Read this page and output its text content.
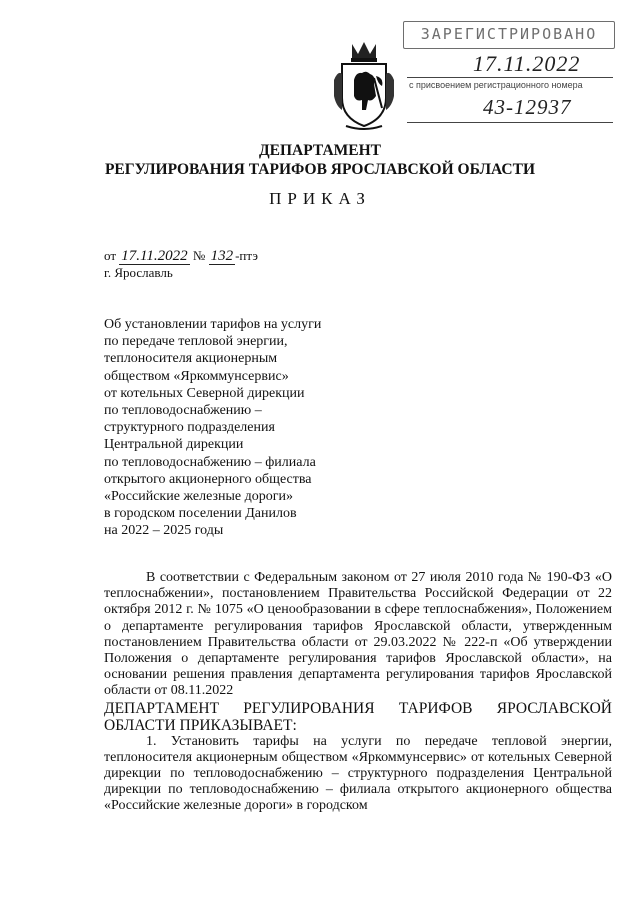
ЗАРЕГИСТРИРОВАНО
17.11.2022
с присвоением регистрационного номера
43-12937
ДЕПАРТАМЕНТ
РЕГУЛИРОВАНИЯ ТАРИФОВ ЯРОСЛАВСКОЙ ОБЛАСТИ
ПРИКАЗ
от 17.11.2022 № 132 -птэ
г. Ярославль
Об установлении тарифов на услуги
по передаче тепловой энергии,
теплоносителя акционерным
обществом «Яркоммунсервис»
от котельных Северной дирекции
по тепловодоснабжению –
структурного подразделения
Центральной дирекции
по тепловодоснабжению – филиала
открытого акционерного общества
«Российские железные дороги»
в городском поселении Данилов
на 2022 – 2025 годы

В соответствии с Федеральным законом от 27 июля 2010 года № 190-ФЗ «О теплоснабжении», постановлением Правительства Российской Федерации от 22 октября 2012 г. № 1075 «О ценообразовании в сфере теплоснабжения», Положением о департаменте регулирования тарифов Ярославской области, утвержденным постановлением Правительства области от 29.03.2022 № 222-п «Об утверждении Положения о департаменте регулирования тарифов Ярославской области», на основании решения правления департамента регулирования тарифов Ярославской области от 08.11.2022

ДЕПАРТАМЕНТ РЕГУЛИРОВАНИЯ ТАРИФОВ ЯРОСЛАВСКОЙ

ОБЛАСТИ ПРИКАЗЫВАЕТ:

1. Установить тарифы на услуги по передаче тепловой энергии, теплоносителя акционерным обществом «Яркоммунсервис» от котельных Северной дирекции по тепловодоснабжению – структурного подразделения Центральной дирекции по тепловодоснабжению – филиала открытого акционерного общества «Российские железные дороги» в городском
